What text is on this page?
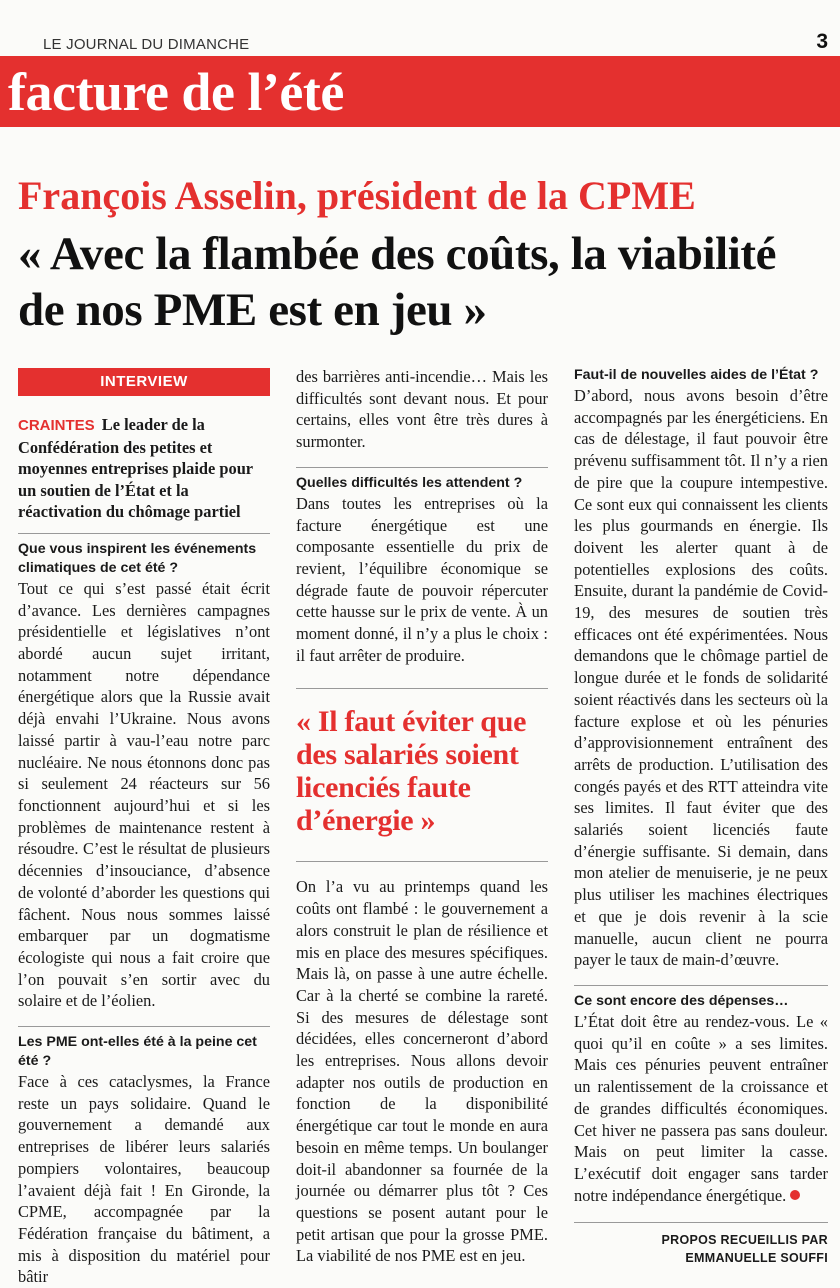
LE JOURNAL DU DIMANCHE	3
facture de l’été
François Asselin, président de la CPME
« Avec la flambée des coûts, la viabilité de nos PME est en jeu »
INTERVIEW

CRAINTES Le leader de la Confédération des petites et moyennes entreprises plaide pour un soutien de l’État et la réactivation du chômage partiel

Que vous inspirent les événements climatiques de cet été ?

Tout ce qui s’est passé était écrit d’avance. Les dernières campagnes présidentielle et législatives n’ont abordé aucun sujet irritant, notamment notre dépendance énergétique alors que la Russie avait déjà envahi l’Ukraine. Nous avons laissé partir à vau-l’eau notre parc nucléaire. Ne nous étonnons donc pas si seulement 24 réacteurs sur 56 fonctionnent aujourd’hui et si les problèmes de maintenance restent à résoudre. C’est le résultat de plusieurs décennies d’insouciance, d’absence de volonté d’aborder les questions qui fâchent. Nous nous sommes laissé embarquer par un dogmatisme écologiste qui nous a fait croire que l’on pouvait s’en sortir avec du solaire et de l’éolien.

Les PME ont-elles été à la peine cet été ?

Face à ces cataclysmes, la France reste un pays solidaire. Quand le gouvernement a demandé aux entreprises de libérer leurs salariés pompiers volontaires, beaucoup l’avaient déjà fait ! En Gironde, la CPME, accompagnée par la Fédération française du bâtiment, a mis à disposition du matériel pour bâtir

des barrières anti-incendie… Mais les difficultés sont devant nous. Et pour certains, elles vont être très dures à surmonter.

Quelles difficultés les attendent ?

Dans toutes les entreprises où la facture énergétique est une composante essentielle du prix de revient, l’équilibre économique se dégrade faute de pouvoir répercuter cette hausse sur le prix de vente. À un moment donné, il n’y a plus le choix : il faut arrêter de produire.

« Il faut éviter que des salariés soient licenciés faute d’énergie »

On l’a vu au printemps quand les coûts ont flambé : le gouvernement a alors construit le plan de résilience et mis en place des mesures spécifiques. Mais là, on passe à une autre échelle. Car à la cherté se combine la rareté. Si des mesures de délestage sont décidées, elles concerneront d’abord les entreprises. Nous allons devoir adapter nos outils de production en fonction de la disponibilité énergétique car tout le monde en aura besoin en même temps. Un boulanger doit-il abandonner sa fournée de la journée ou démarrer plus tôt ? Ces questions se posent autant pour le petit artisan que pour la grosse PME. La viabilité de nos PME est en jeu.

Faut-il de nouvelles aides de l’État ?

D’abord, nous avons besoin d’être accompagnés par les énergéticiens. En cas de délestage, il faut pouvoir être prévenu suffisamment tôt. Il n’y a rien de pire que la coupure intempestive. Ce sont eux qui connaissent les clients les plus gourmands en énergie. Ils doivent les alerter quant à de potentielles explosions des coûts. Ensuite, durant la pandémie de Covid-19, des mesures de soutien très efficaces ont été expérimentées. Nous demandons que le chômage partiel de longue durée et le fonds de solidarité soient réactivés dans les secteurs où la facture explose et où les pénuries d’approvisionnement entraînent des arrêts de production. L’utilisation des congés payés et des RTT atteindra vite ses limites. Il faut éviter que des salariés soient licenciés faute d’énergie suffisante. Si demain, dans mon atelier de menuiserie, je ne peux plus utiliser les machines électriques et que je dois revenir à la scie manuelle, aucun client ne pourra payer le taux de main-d’œuvre.

Ce sont encore des dépenses…

L’État doit être au rendez-vous. Le « quoi qu’il en coûte » a ses limites. Mais ces pénuries peuvent entraîner un ralentissement de la croissance et de grandes difficultés économiques. Cet hiver ne passera pas sans douleur. Mais on peut limiter la casse. L’exécutif doit engager sans tarder notre indépendance énergétique.

PROPOS RECUEILLIS PAR
EMMANUELLE SOUFFI
